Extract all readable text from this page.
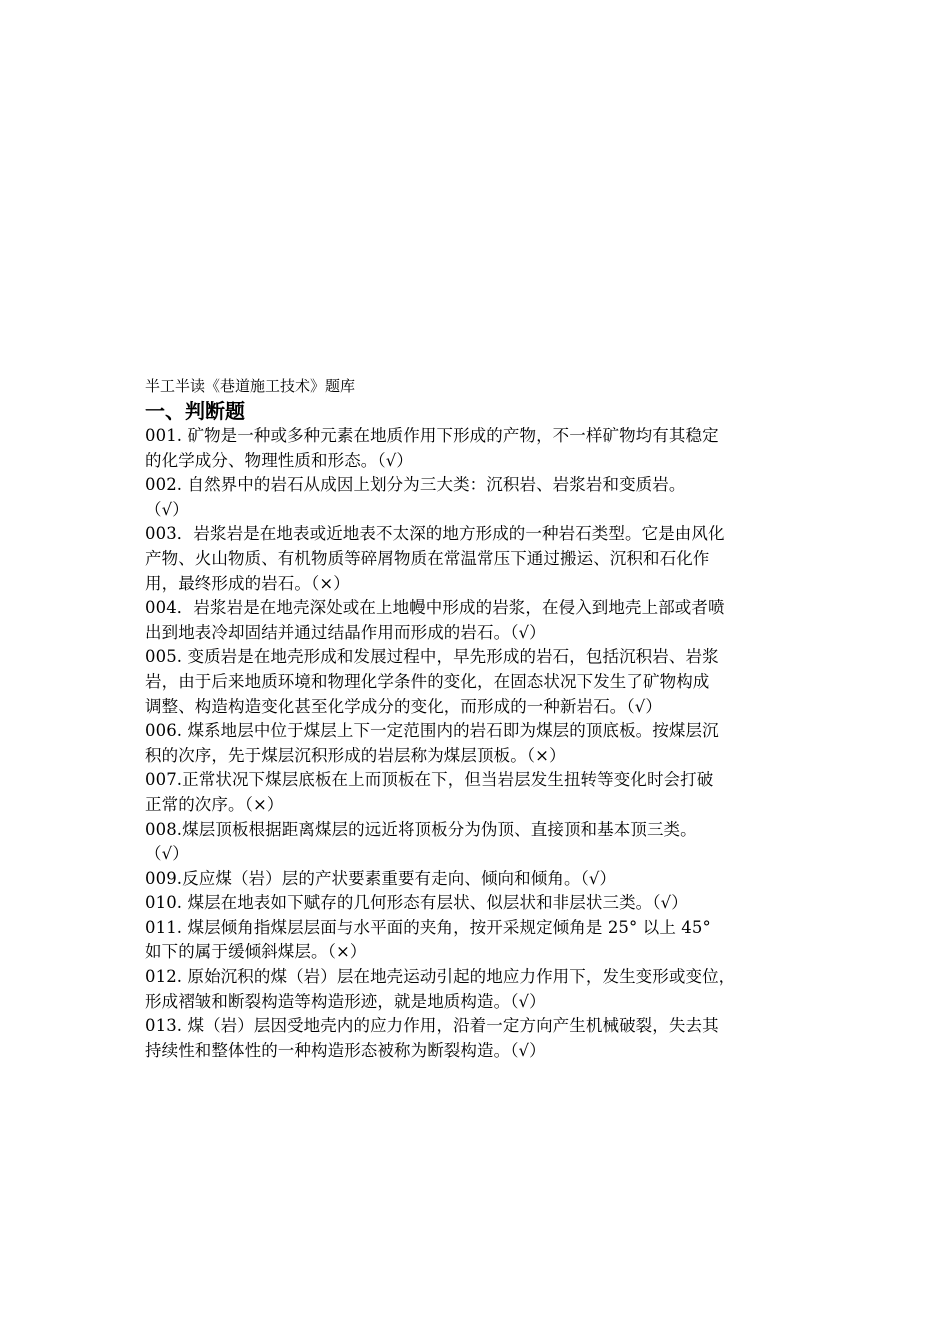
半工半读《巷道施工技术》题库
一、判断题
001. 矿物是一种或多种元素在地质作用下形成的产物，不一样矿物均有其稳定
的化学成分、物理性质和形态。（√）
002. 自然界中的岩石从成因上划分为三大类：沉积岩、岩浆岩和变质岩。
（√）
003．岩浆岩是在地表或近地表不太深的地方形成的一种岩石类型。它是由风化
产物、火山物质、有机物质等碎屑物质在常温常压下通过搬运、沉积和石化作
用，最终形成的岩石。（×）
004．岩浆岩是在地壳深处或在上地幔中形成的岩浆，在侵入到地壳上部或者喷
出到地表冷却固结并通过结晶作用而形成的岩石。（√）
005. 变质岩是在地壳形成和发展过程中，早先形成的岩石，包括沉积岩、岩浆
岩，由于后来地质环境和物理化学条件的变化，在固态状况下发生了矿物构成
调整、构造构造变化甚至化学成分的变化，而形成的一种新岩石。（√）
006. 煤系地层中位于煤层上下一定范围内的岩石即为煤层的顶底板。按煤层沉
积的次序，先于煤层沉积形成的岩层称为煤层顶板。（×）
007.正常状况下煤层底板在上而顶板在下，但当岩层发生扭转等变化时会打破
正常的次序。（×）
008.煤层顶板根据距离煤层的远近将顶板分为伪顶、直接顶和基本顶三类。
（√）
009.反应煤（岩）层的产状要素重要有走向、倾向和倾角。（√）
010. 煤层在地表如下赋存的几何形态有层状、似层状和非层状三类。（√）
011. 煤层倾角指煤层层面与水平面的夹角，按开采规定倾角是 25° 以上 45°
如下的属于缓倾斜煤层。（×）
012. 原始沉积的煤（岩）层在地壳运动引起的地应力作用下，发生变形或变位，
形成褶皱和断裂构造等构造形迹，就是地质构造。（√）
013. 煤（岩）层因受地壳内的应力作用，沿着一定方向产生机械破裂，失去其
持续性和整体性的一种构造形态被称为断裂构造。（√）
